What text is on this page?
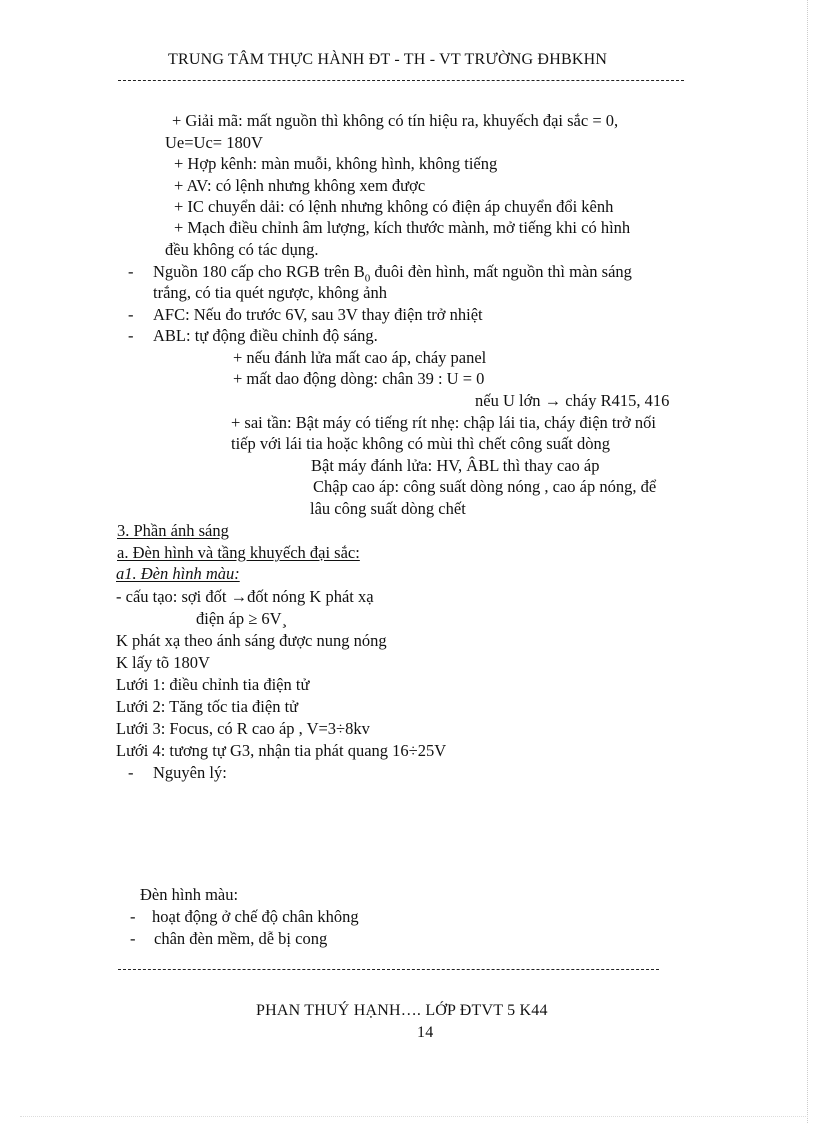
TRUNG TÂM THỰC HÀNH ĐT - TH - VT TRƯỜNG ĐHBKHN
+ Giải mã: mất nguồn thì không có tín hiệu ra, khuyếch đại sắc = 0,
Ue=Uc= 180V
+ Hợp kênh: màn muỗi, không hình, không tiếng
+ AV: có lệnh nhưng không xem được
+ IC chuyển dải: có lệnh nhưng không có điện áp chuyển đổi kênh
+ Mạch điều chỉnh âm lượng, kích thước mành, mở tiếng khi có hình
đều không có tác dụng.
- Nguồn 180 cấp cho RGB trên $B_0$ đuôi đèn hình, mất nguồn thì màn sáng
trắng, có tia quét ngược, không ảnh
- AFC: Nếu đo trước 6V, sau 3V thay điện trở nhiệt
- ABL: tự động điều chỉnh độ sáng.
+ nếu đánh lửa mất cao áp, cháy panel
+ mất dao động dòng: chân 39 : U = 0
nếu U lớn → cháy R415, 416
+ sai tần: Bật máy có tiếng rít nhẹ: chập lái tia, cháy điện trở nối
tiếp với lái tia hoặc không có mùi thì chết công suất dòng
Bật máy đánh lửa: HV, ÂBL thì thay cao áp
Chập cao áp: công suất dòng nóng , cao áp nóng, để
lâu công suất dòng chết
3. Phần ánh sáng
a. Đèn hình và tầng khuyếch đại sắc:
a1. Đèn hình màu:
- cấu tạo: sợi đốt →đốt nóng K phát xạ
điện áp ≥ 6V¸
K phát xạ theo ánh sáng được nung nóng
K lấy tõ 180V
Lưới 1: điều chỉnh tia điện tử
Lưới 2: Tăng tốc tia điện tử
Lưới 3: Focus, có R cao áp , V=3÷8kv
Lưới 4: tương tự G3, nhận tia phát quang 16÷25V
- Nguyên lý:
Đèn hình màu:
- hoạt động ở chế độ chân không
- chân đèn mềm, dễ bị cong
PHAN THUÝ HẠNH…. LỚP ĐTVT 5 K44
14
